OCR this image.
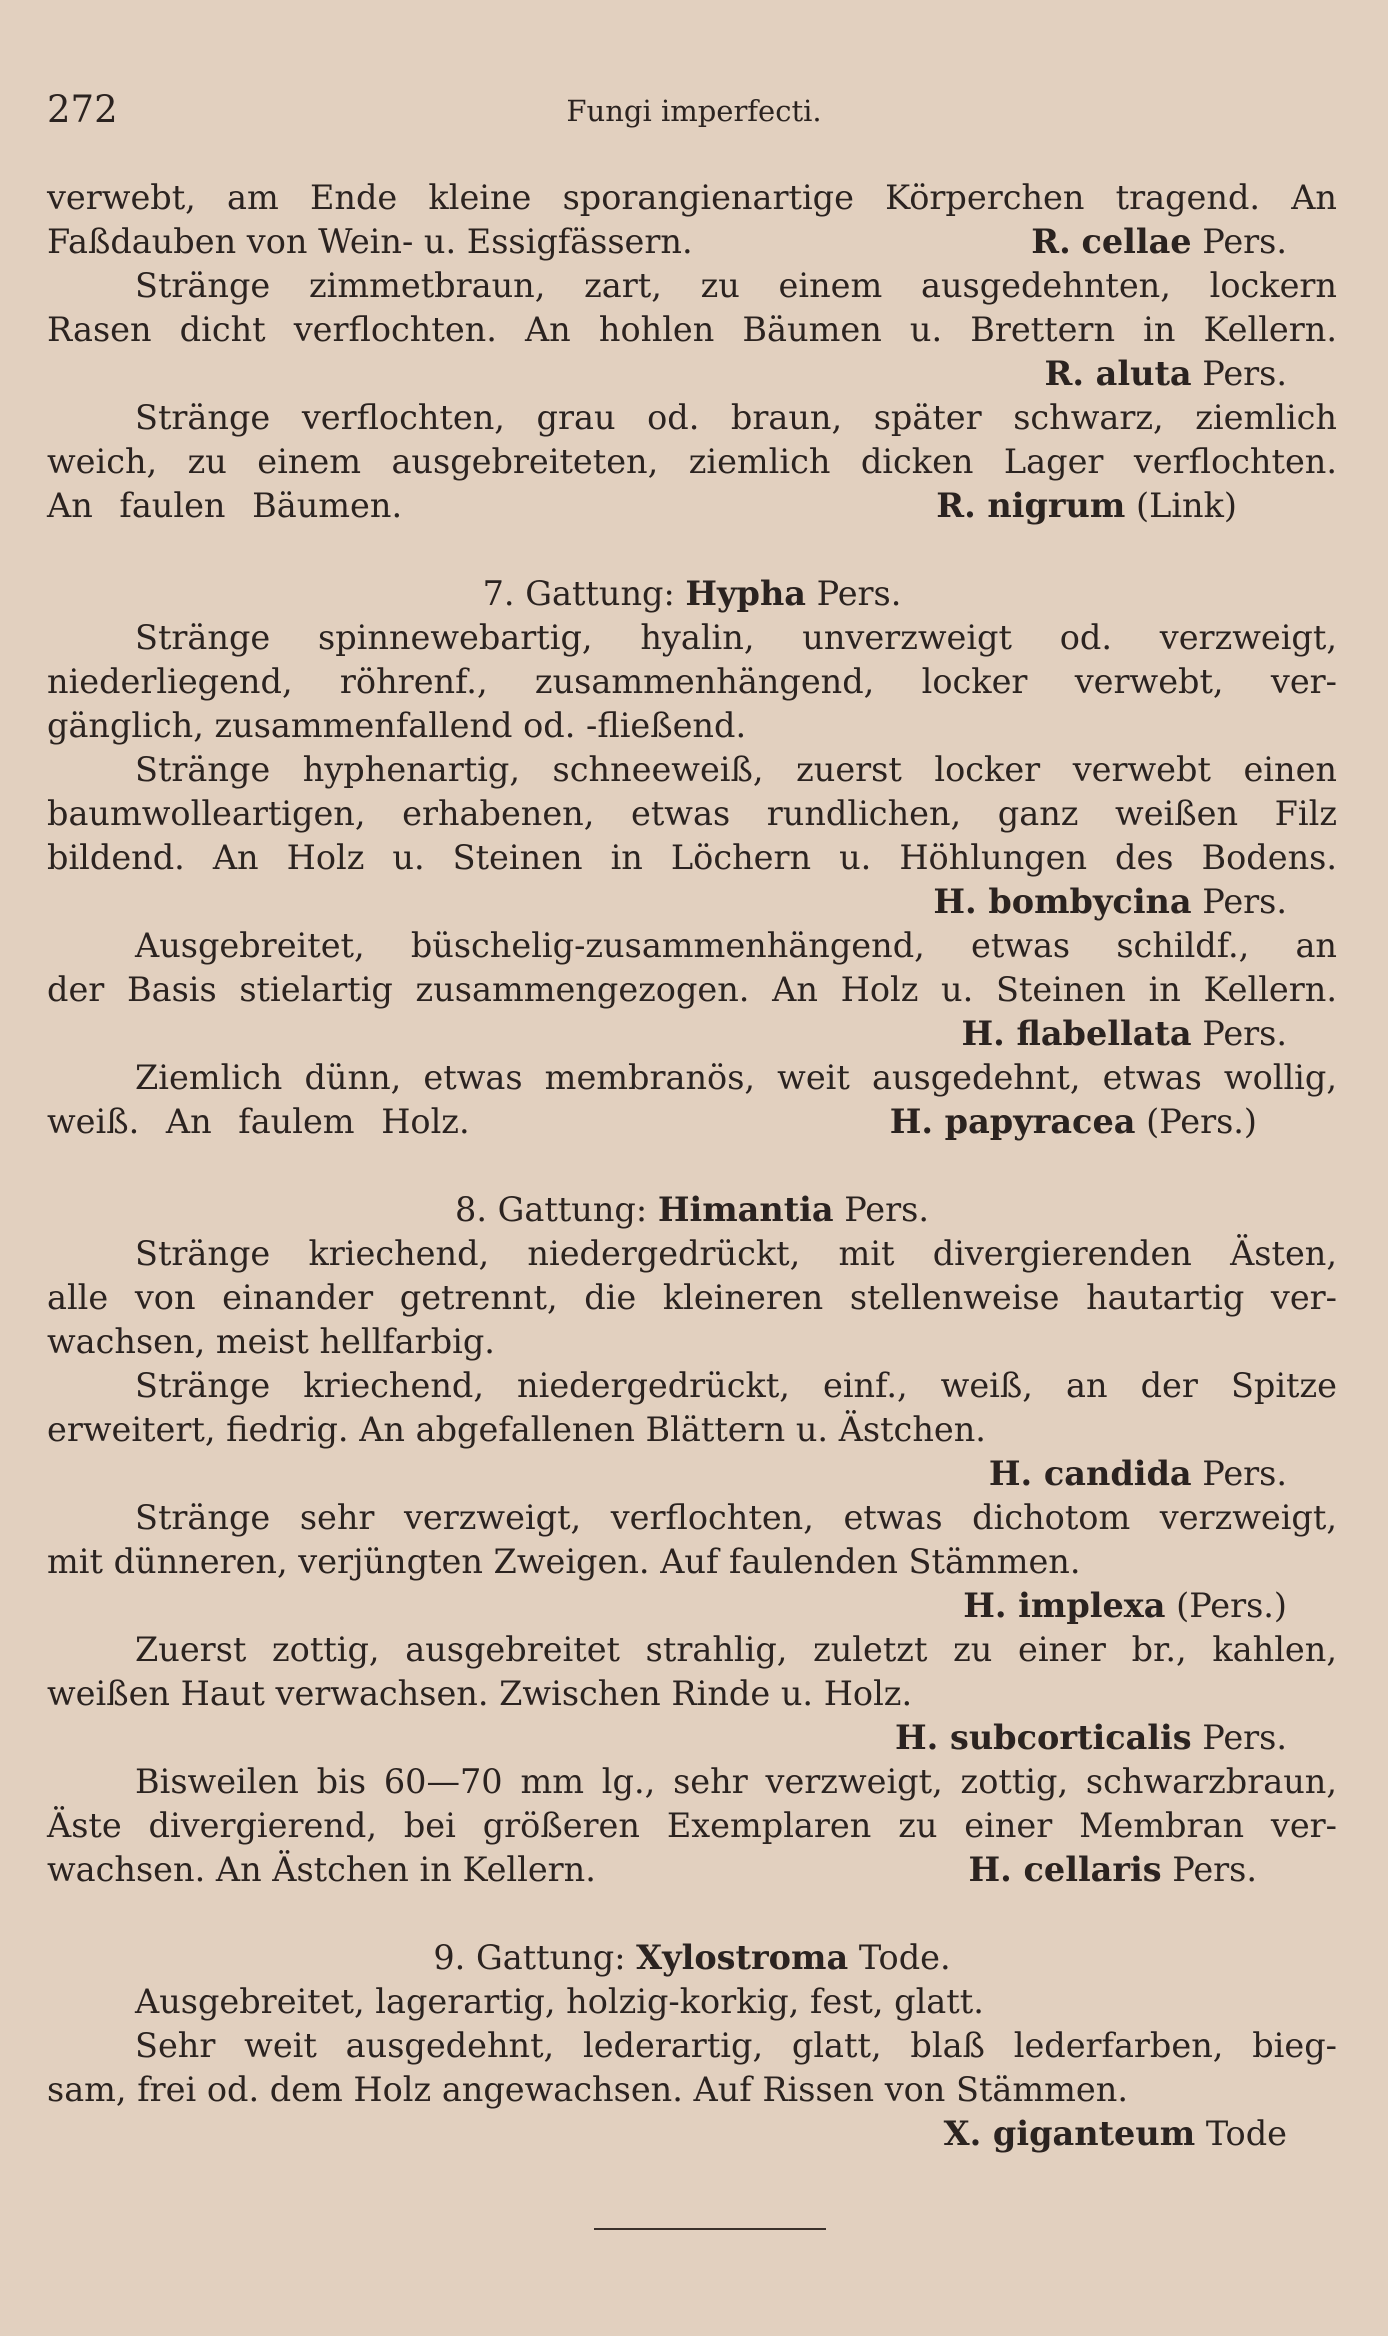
272	Fungi imperfecti.
verwebt, am Ende kleine sporangienartige Körperchen tragend. An
Faßdauben von Wein- u. Essigfässern.	R. cellae Pers.
Stränge zimmetbraun, zart, zu einem ausgedehnten, lockern
Rasen dicht verflochten. An hohlen Bäumen u. Brettern in Kellern.
R. aluta Pers.
Stränge verflochten, grau od. braun, später schwarz, ziemlich
weich, zu einem ausgebreiteten, ziemlich dicken Lager verflochten.
An faulen Bäumen.	R. nigrum (Link)
7. Gattung: Hypha Pers.
Stränge spinnewebartig, hyalin, unverzweigt od. verzweigt,
niederliegend, röhrenf., zusammenhängend, locker verwebt, ver-
gänglich, zusammenfallend od. -fließend.
Stränge hyphenartig, schneeweiß, zuerst locker verwebt einen
baumwolleartigen, erhabenen, etwas rundlichen, ganz weißen Filz
bildend. An Holz u. Steinen in Löchern u. Höhlungen des Bodens.
H. bombycina Pers.
Ausgebreitet, büschelig-zusammenhängend, etwas schildf., an
der Basis stielartig zusammengezogen. An Holz u. Steinen in Kellern.
H. flabellata Pers.
Ziemlich dünn, etwas membranös, weit ausgedehnt, etwas wollig,
weiß. An faulem Holz.	H. papyracea (Pers.)
8. Gattung: Himantia Pers.
Stränge kriechend, niedergedrückt, mit divergierenden Ästen,
alle von einander getrennt, die kleineren stellenweise hautartig ver-
wachsen, meist hellfarbig.
Stränge kriechend, niedergedrückt, einf., weiß, an der Spitze
erweitert, fiedrig. An abgefallenen Blättern u. Ästchen.
H. candida Pers.
Stränge sehr verzweigt, verflochten, etwas dichotom verzweigt,
mit dünneren, verjüngten Zweigen. Auf faulenden Stämmen.
H. implexa (Pers.)
Zuerst zottig, ausgebreitet strahlig, zuletzt zu einer br., kahlen,
weißen Haut verwachsen. Zwischen Rinde u. Holz.
H. subcorticalis Pers.
Bisweilen bis 60—70 mm lg., sehr verzweigt, zottig, schwarzbraun,
Äste divergierend, bei größeren Exemplaren zu einer Membran ver-
wachsen. An Ästchen in Kellern.	H. cellaris Pers.
9. Gattung: Xylostroma Tode.
Ausgebreitet, lagerartig, holzig-korkig, fest, glatt.
Sehr weit ausgedehnt, lederartig, glatt, blaß lederfarben, bieg-
sam, frei od. dem Holz angewachsen. Auf Rissen von Stämmen.
X. giganteum Tode
